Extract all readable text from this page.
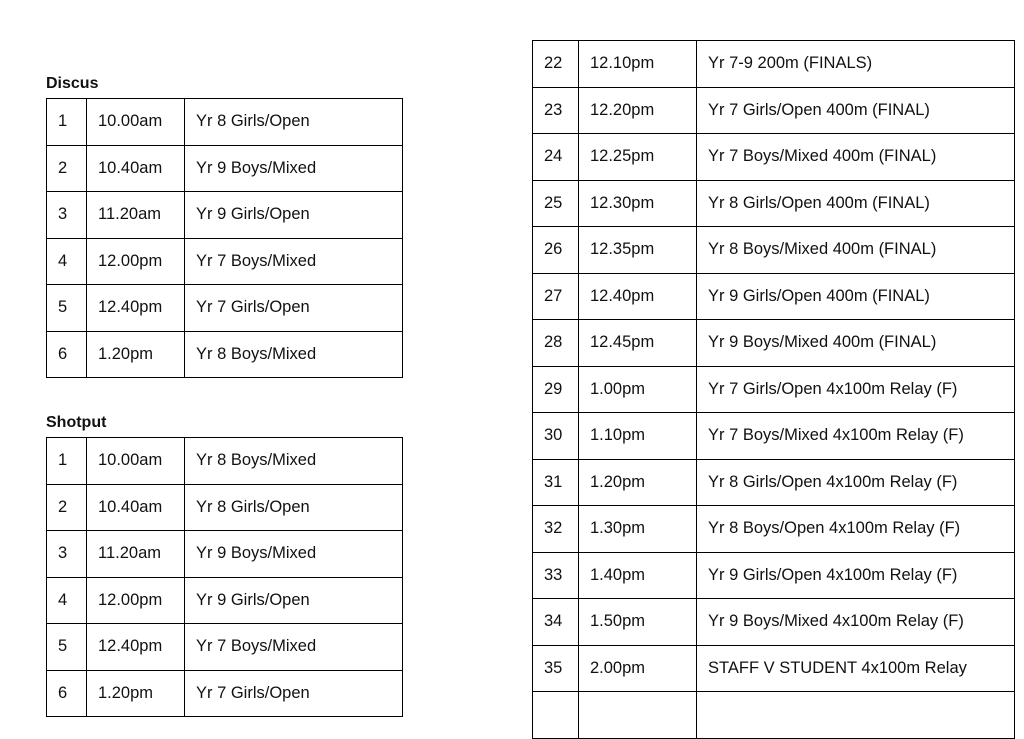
Discus
1	10.00am	Yr 8 Girls/Open
2	10.40am	Yr 9 Boys/Mixed
3	11.20am	Yr 9 Girls/Open
4	12.00pm	Yr 7 Boys/Mixed
5	12.40pm	Yr 7 Girls/Open
6	1.20pm	Yr 8 Boys/Mixed
Shotput
1	10.00am	Yr 8 Boys/Mixed
2	10.40am	Yr 8 Girls/Open
3	11.20am	Yr 9 Boys/Mixed
4	12.00pm	Yr 9 Girls/Open
5	12.40pm	Yr 7 Boys/Mixed
6	1.20pm	Yr 7 Girls/Open
22	12.10pm	Yr 7-9 200m (FINALS)
23	12.20pm	Yr 7 Girls/Open 400m (FINAL)
24	12.25pm	Yr 7 Boys/Mixed 400m (FINAL)
25	12.30pm	Yr 8 Girls/Open 400m (FINAL)
26	12.35pm	Yr 8 Boys/Mixed 400m (FINAL)
27	12.40pm	Yr 9 Girls/Open 400m (FINAL)
28	12.45pm	Yr 9 Boys/Mixed 400m (FINAL)
29	1.00pm	Yr 7 Girls/Open 4x100m Relay (F)
30	1.10pm	Yr 7 Boys/Mixed 4x100m Relay (F)
31	1.20pm	Yr 8 Girls/Open 4x100m Relay (F)
32	1.30pm	Yr 8 Boys/Open 4x100m Relay (F)
33	1.40pm	Yr 9 Girls/Open 4x100m Relay (F)
34	1.50pm	Yr 9 Boys/Mixed 4x100m Relay (F)
35	2.00pm	STAFF V STUDENT 4x100m Relay
